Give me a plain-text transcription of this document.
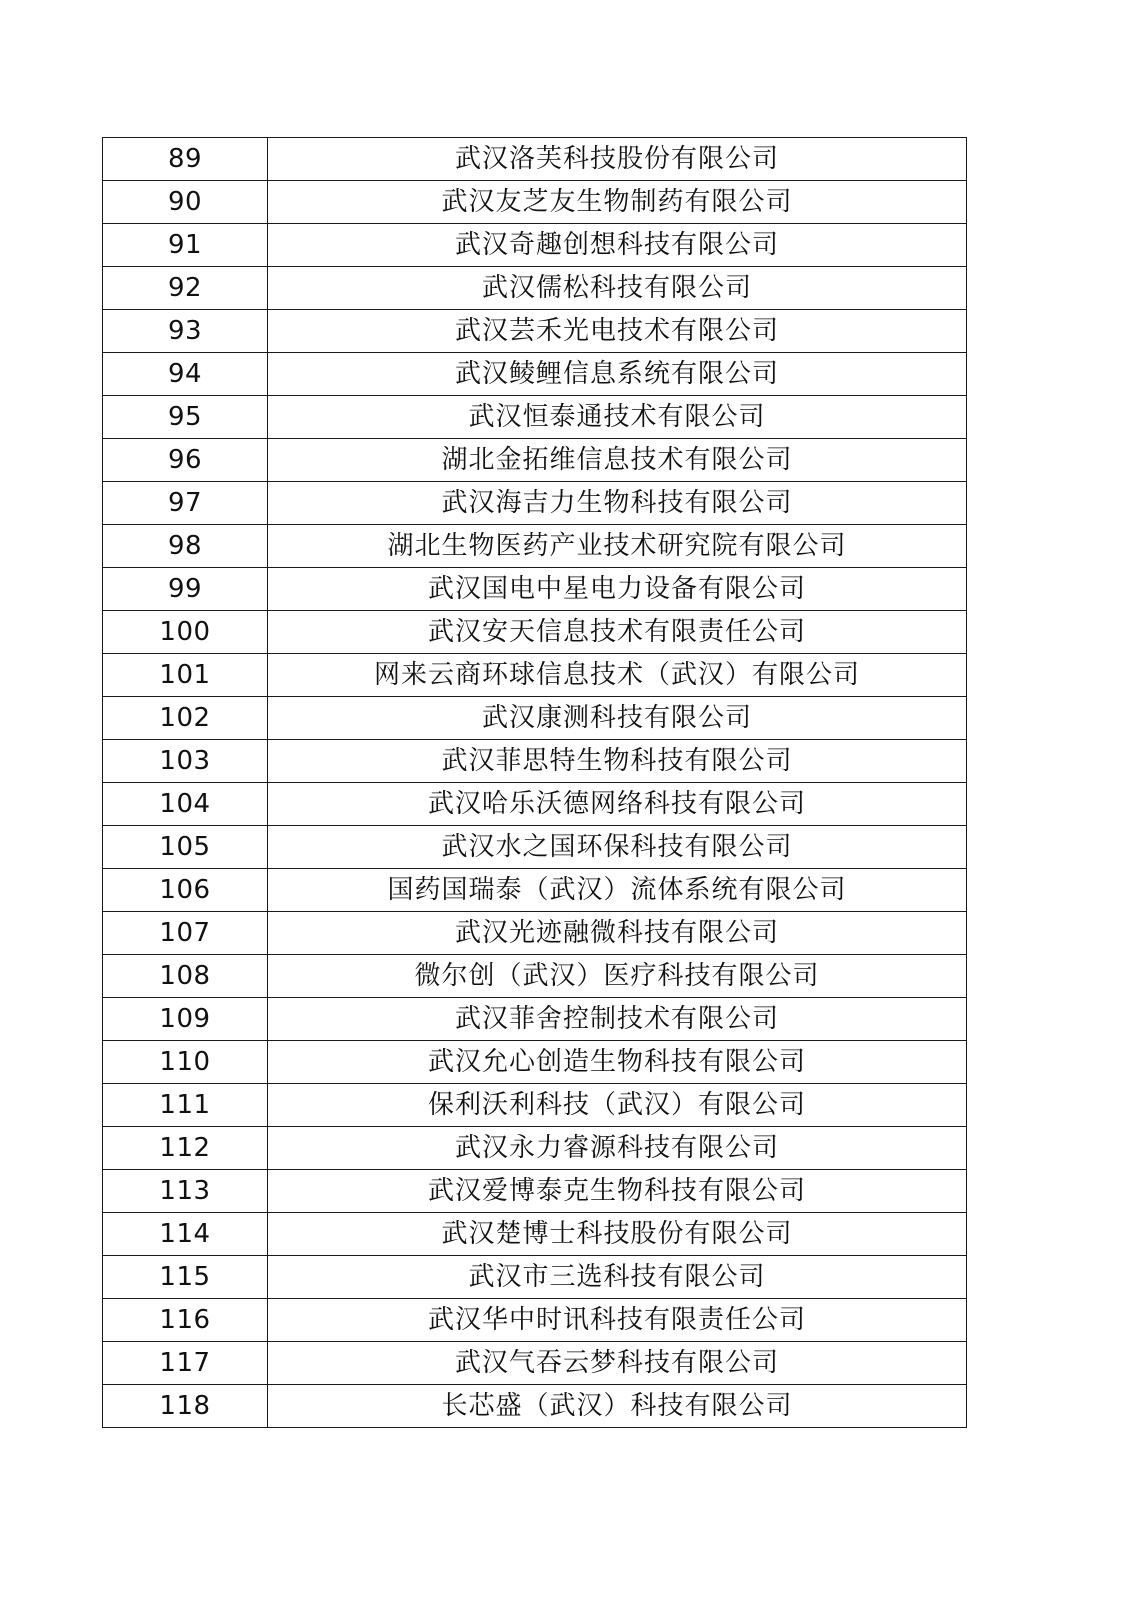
89	武汉洛芙科技股份有限公司
90	武汉友芝友生物制药有限公司
91	武汉奇趣创想科技有限公司
92	武汉儒松科技有限公司
93	武汉芸禾光电技术有限公司
94	武汉鲮鲤信息系统有限公司
95	武汉恒泰通技术有限公司
96	湖北金拓维信息技术有限公司
97	武汉海吉力生物科技有限公司
98	湖北生物医药产业技术研究院有限公司
99	武汉国电中星电力设备有限公司
100	武汉安天信息技术有限责任公司
101	网来云商环球信息技术（武汉）有限公司
102	武汉康测科技有限公司
103	武汉菲思特生物科技有限公司
104	武汉哈乐沃德网络科技有限公司
105	武汉水之国环保科技有限公司
106	国药国瑞泰（武汉）流体系统有限公司
107	武汉光迹融微科技有限公司
108	微尔创（武汉）医疗科技有限公司
109	武汉菲舍控制技术有限公司
110	武汉允心创造生物科技有限公司
111	保利沃利科技（武汉）有限公司
112	武汉永力睿源科技有限公司
113	武汉爱博泰克生物科技有限公司
114	武汉楚博士科技股份有限公司
115	武汉市三选科技有限公司
116	武汉华中时讯科技有限责任公司
117	武汉气吞云梦科技有限公司
118	长芯盛（武汉）科技有限公司
